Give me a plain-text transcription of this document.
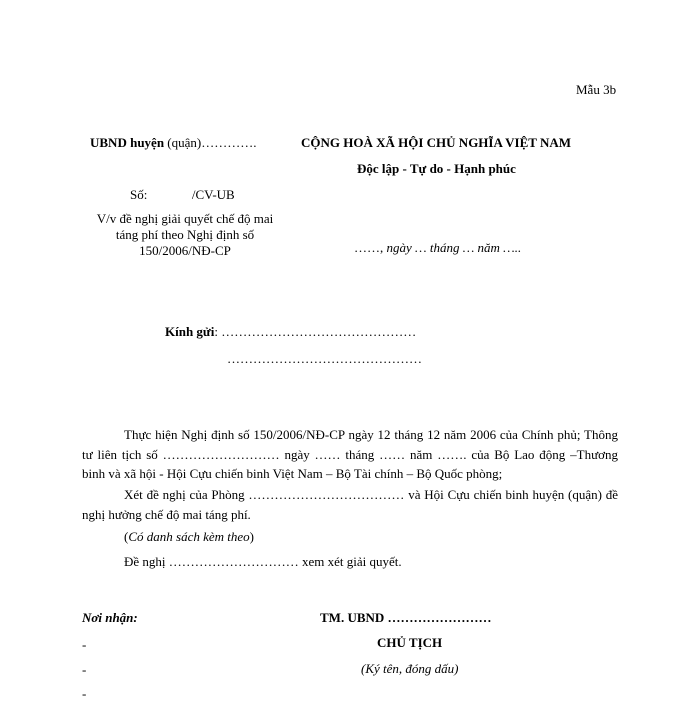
Mẫu 3b
UBND huyện (quận)………….
Số:	/CV-UB
V/v đề nghị giải quyết chế độ mai
táng phí theo Nghị định số
150/2006/NĐ-CP
CỘNG HOÀ XÃ HỘI CHỦ NGHĨA VIỆT NAM
Độc lập - Tự do - Hạnh phúc
……, ngày … tháng … năm …..
Kính gửi: ………………………………………
………………………………………
Thực hiện Nghị định số 150/2006/NĐ-CP ngày 12 tháng 12 năm 2006 của Chính phủ; Thông tư liên tịch số ……………………… ngày …… tháng …… năm ……. của Bộ Lao động –Thương binh và xã hội - Hội Cựu chiến binh Việt Nam – Bộ Tài chính – Bộ Quốc phòng;
Xét đề nghị của Phòng ……………………………… và Hội Cựu chiến binh huyện (quận) đề nghị hưởng chế độ mai táng phí.
(Có danh sách kèm theo)
Đề nghị ………………………… xem xét giải quyết.
Nơi nhận:
-
-
-
TM. UBND ……………………
CHỦ TỊCH
(Ký tên, đóng dấu)
